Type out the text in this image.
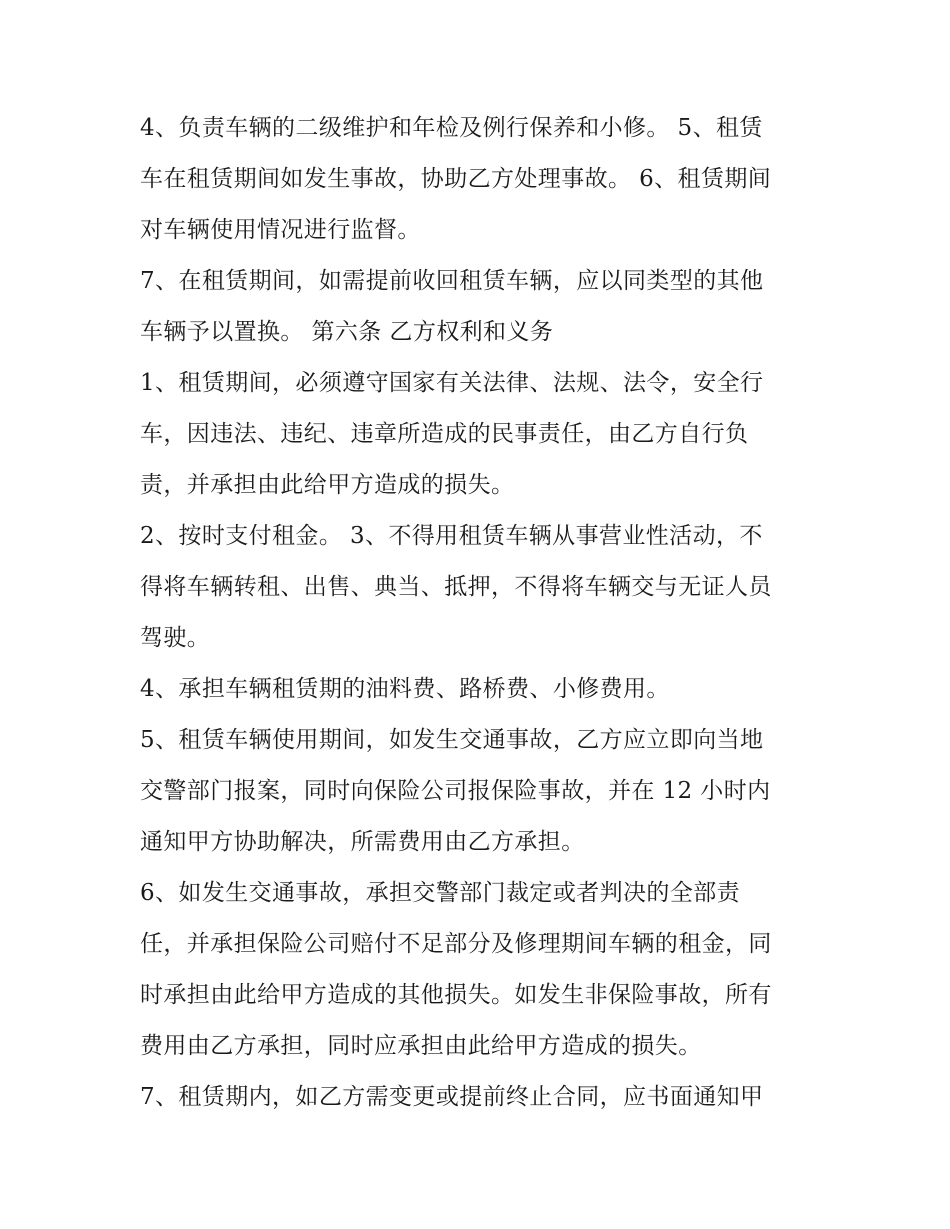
4、负责车辆的二级维护和年检及例行保养和小修。 5、租赁
车在租赁期间如发生事故，协助乙方处理事故。 6、租赁期间
对车辆使用情况进行监督。
7、在租赁期间，如需提前收回租赁车辆，应以同类型的其他
车辆予以置换。 第六条 乙方权利和义务
1、租赁期间，必须遵守国家有关法律、法规、法令，安全行
车，因违法、违纪、违章所造成的民事责任，由乙方自行负
责，并承担由此给甲方造成的损失。
2、按时支付租金。 3、不得用租赁车辆从事营业性活动，不
得将车辆转租、出售、典当、抵押，不得将车辆交与无证人员
驾驶。
4、承担车辆租赁期的油料费、路桥费、小修费用。
5、租赁车辆使用期间，如发生交通事故，乙方应立即向当地
交警部门报案，同时向保险公司报保险事故，并在 12 小时内
通知甲方协助解决，所需费用由乙方承担。
6、如发生交通事故，承担交警部门裁定或者判决的全部责
任，并承担保险公司赔付不足部分及修理期间车辆的租金，同
时承担由此给甲方造成的其他损失。如发生非保险事故，所有
费用由乙方承担，同时应承担由此给甲方造成的损失。
7、租赁期内，如乙方需变更或提前终止合同，应书面通知甲
